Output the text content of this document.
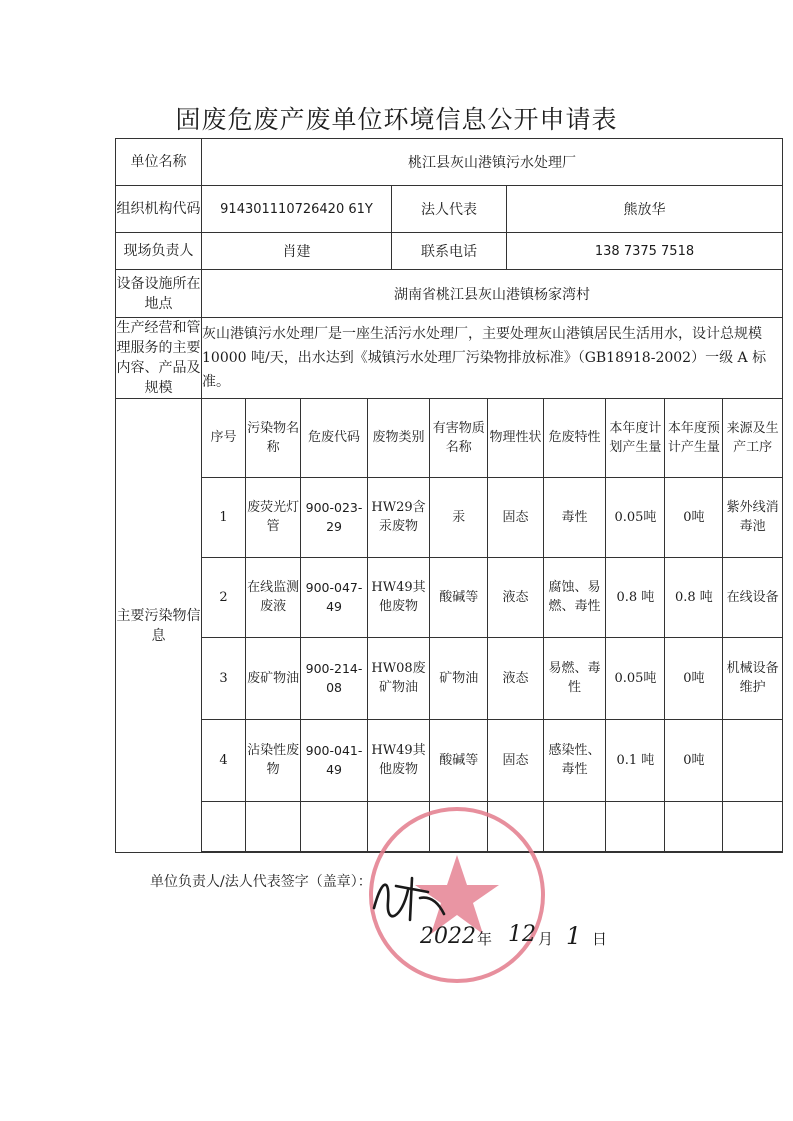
固废危废产废单位环境信息公开申请表
单位名称	桃江县灰山港镇污水处理厂
组织机构代码	914301110726420 61Y	法人代表	熊放华
现场负责人	肖建	联系电话	138 7375 7518
设备设施所在地点	湖南省桃江县灰山港镇杨家湾村
生产经营和管理服务的主要内容、产品及规模	灰山港镇污水处理厂是一座生活污水处理厂，主要处理灰山港镇居民生活用水，设计总规模 10000 吨/天，出水达到《城镇污水处理厂污染物排放标准》（GB18918-2002）一级 A 标准。
主要污染物信息	
序号	污染物名称	危废代码	废物类别	有害物质名称	物理性状	危废特性	本年度计划产生量	本年度预计产生量	来源及生产工序
1	废荧光灯管	900-023-29	HW29含汞废物	汞	固态	毒性	0.05吨	0吨	紫外线消毒池
2	在线监测废液	900-047-49	HW49其他废物	酸碱等	液态	腐蚀、易燃、毒性	0.8 吨	0.8 吨	在线设备
3	废矿物油	900-214-08	HW08废矿物油	矿物油	液态	易燃、毒性	0.05吨	0吨	机械设备维护
4	沾染性废物	900-041-49	HW49其他废物	酸碱等	固态	感染性、毒性	0.1 吨	0吨	

单位负责人/法人代表签字（盖章）：
2022 年 12 月 1 日
